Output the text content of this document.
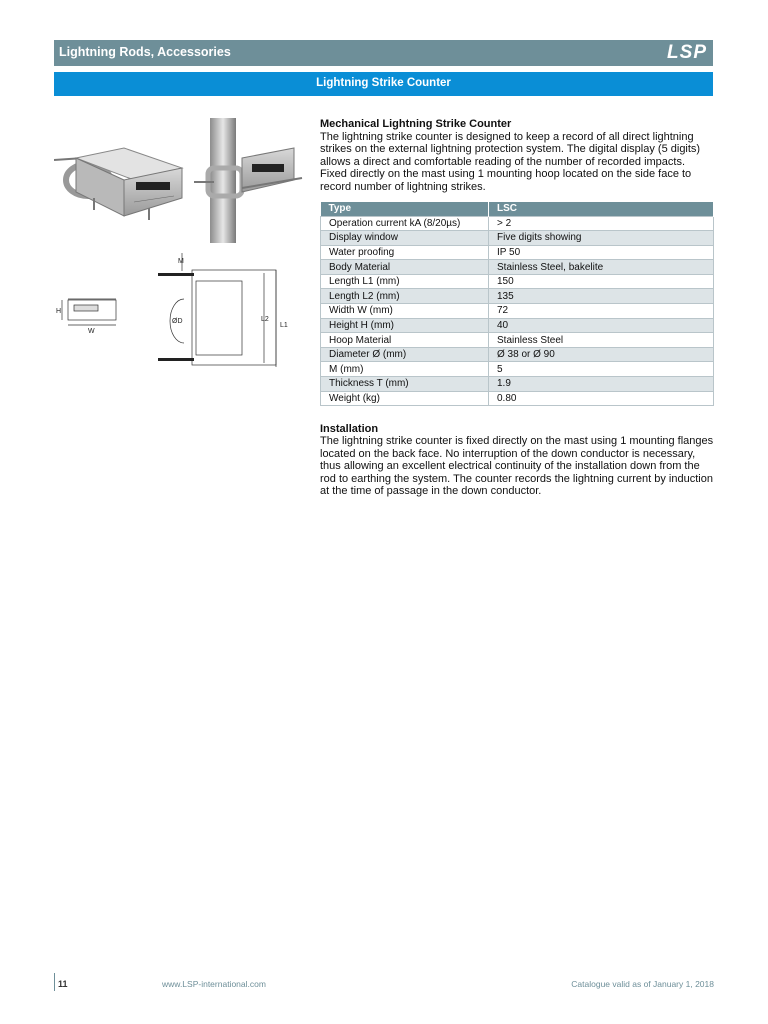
Lightning Rods, Accessories	LSP
Lightning Strike Counter
M
H
W
ØD	L2
L1
Mechanical Lightning Strike Counter
The lightning strike counter is designed to keep a record of all direct lightning strikes on the external lightning protection system. The digital display (5 digits) allows a direct and comfortable reading of the number of recorded impacts. Fixed directly on the mast using 1 mounting hoop located on the side face to record number of lightning strikes.
Type	LSC
Operation current kA (8/20µs)	> 2
Display window	Five digits showing
Water proofing	IP 50
Body Material	Stainless Steel, bakelite
Length L1 (mm)	150
Length L2 (mm)	135
Width W (mm)	72
Height H (mm)	40
Hoop Material	Stainless Steel
Diameter Ø (mm)	Ø 38 or Ø 90
M (mm)	5
Thickness T (mm)	1.9
Weight (kg)	0.80
Installation
The lightning strike counter is fixed directly on the mast using 1 mounting flanges located on the back face. No interruption of the down conductor is necessary, thus allowing an excellent electrical continuity of the installation down from the rod to earthing the system. The counter records the lightning current by induction at the time of passage in the down conductor.
11	www.LSP-international.com	Catalogue valid as of January 1, 2018
